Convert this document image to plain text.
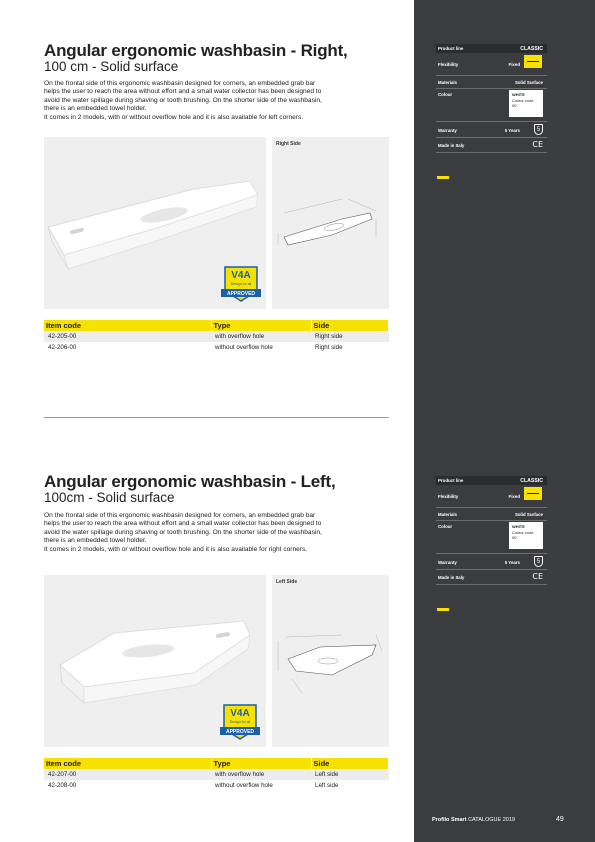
Angular ergonomic washbasin - Right,
100 cm - Solid surface

On the frontal side of this ergonomic washbasin designed for corners, an embedded grab bar

helps the user to reach the area without effort and a small water collector has been designed to

avoid the water spillage during shaving or tooth brushing. On the shorter side of the washbasin,

there is an embedded towel holder.

It comes in 2 models, with or without overflow hole and it is also available for left corners.

V4A
Design for all
APPROVED
Right Side
Item code	Type	Side
42-205-00	with overflow hole	Right side
42-206-00	without overflow hole	Right side
Angular ergonomic washbasin - Left,
100cm - Solid surface

On the frontal side of this ergonomic washbasin designed for corners, an embedded grab bar

helps the user to reach the area without effort and a small water collector has been designed to

avoid the water spillage during shaving or tooth brushing. On the shorter side of the washbasin,

there is an embedded towel holder.

It comes in 2 models, with or without overflow hole and it is also available for right corners.

V4A
Design for all
APPROVED
Left Side
Item code	Type	Side
42-207-00	with overflow hole	Left side
42-208-00	without overflow hole	Left side
Product line	CLASSIC
Flexibility	Fixed
Materials	Solid Surface
Colour	WHITE
Colour code
00
Warranty	5 Years	5
Made in Italy	CE
Product line	CLASSIC
Flexibility	Fixed
Materials	Solid Surface
Colour	WHITE
Colour code
00
Warranty	5 Years	5
Made in Italy	CE
Profilo Smart CATALOGUE 2019	49
